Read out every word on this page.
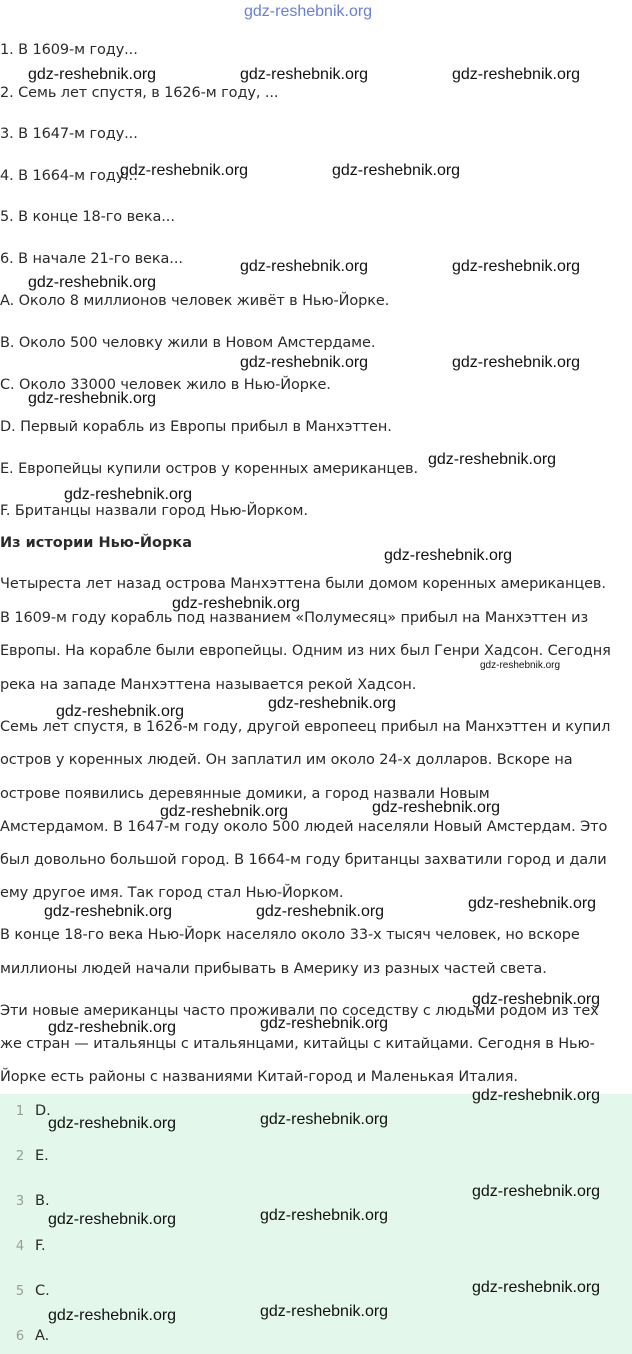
gdz-reshebnik.org
1. В 1609-м году...
2. Семь лет спустя, в 1626-м году, ...
3. В 1647-м году...
4. В 1664-м году...
5. В конце 18-го века...
6. В начале 21-го века...
A. Около 8 миллионов человек живёт в Нью-Йорке.
B. Около 500 человку жили в Новом Амстердаме.
C. Около 33000 человек жило в Нью-Йорке.
D. Первый корабль из Европы прибыл в Манхэттен.
E. Европейцы купили остров у коренных американцев.
F. Британцы назвали город Нью-Йорком.
Из истории Нью-Йорка
Четыреста лет назад острова Манхэттена были домом коренных американцев.
В 1609-м году корабль под названием «Полумесяц» прибыл на Манхэттен из
Европы. На корабле были европейцы. Одним из них был Генри Хадсон. Сегодня
река на западе Манхэттена называется рекой Хадсон.
Семь лет спустя, в 1626-м году, другой европеец прибыл на Манхэттен и купил
остров у коренных людей. Он заплатил им около 24-х долларов. Вскоре на
острове появились деревянные домики, а город назвали Новым
Амстердамом. В 1647-м году около 500 людей населяли Новый Амстердам. Это
был довольно большой город. В 1664-м году британцы захватили город и дали
ему другое имя. Так город стал Нью-Йорком.
В конце 18-го века Нью-Йорк населяло около 33-х тысяч человек, но вскоре
миллионы людей начали прибывать в Америку из разных частей света.
Эти новые американцы часто проживали по соседству с людьми родом из тех
же стран — итальянцы с итальянцами, китайцы с китайцами. Сегодня в Нью-
Йорке есть районы с названиями Китай-город и Маленькая Италия.
1 D.
2 E.
3 B.
4 F.
5 C.
6 A.
gdz-reshebnik.org	gdz-reshebnik.org	gdz-reshebnik.org
gdz-reshebnik.org	gdz-reshebnik.org
gdz-reshebnik.org	gdz-reshebnik.org
gdz-reshebnik.org
gdz-reshebnik.org	gdz-reshebnik.org
gdz-reshebnik.org
gdz-reshebnik.org
gdz-reshebnik.org
gdz-reshebnik.org
gdz-reshebnik.org
gdz-reshebnik.org
gdz-reshebnik.org	gdz-reshebnik.org
gdz-reshebnik.org	gdz-reshebnik.org
gdz-reshebnik.org	gdz-reshebnik.org	gdz-reshebnik.org
gdz-reshebnik.org
gdz-reshebnik.org	gdz-reshebnik.org
gdz-reshebnik.org
gdz-reshebnik.org	gdz-reshebnik.org
gdz-reshebnik.org
gdz-reshebnik.org	gdz-reshebnik.org
gdz-reshebnik.org
gdz-reshebnik.org	gdz-reshebnik.org
